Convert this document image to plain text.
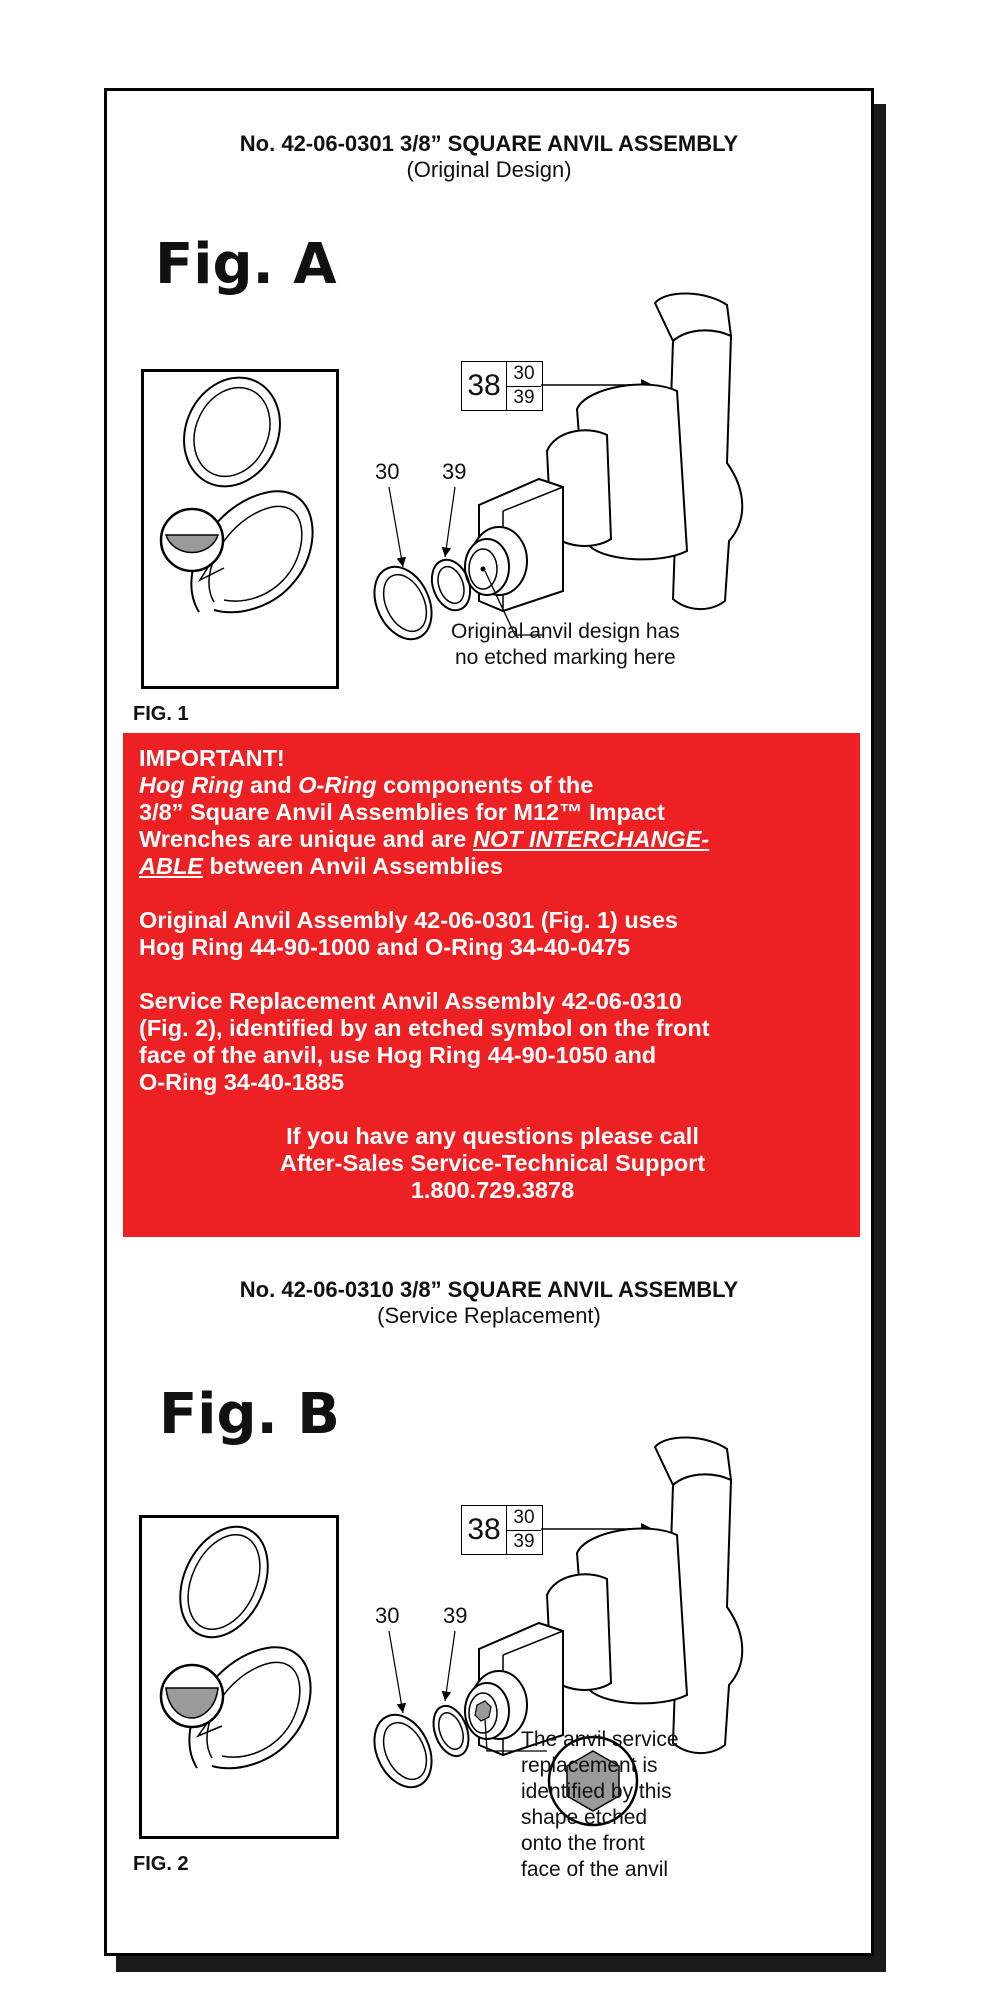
No. 42-06-0301 3/8” SQUARE ANVIL ASSEMBLY
(Original Design)
Fig. A
FIG. 1
38 30
39
30 39
Original anvil design has
no etched marking here

IMPORTANT!

Hog Ring and O-Ring components of the

3/8” Square Anvil Assemblies for M12™ Impact

Wrenches are unique and are NOT INTERCHANGE-

ABLE between Anvil Assemblies

Original Anvil Assembly 42-06-0301 (Fig. 1) uses

Hog Ring 44-90-1000 and O-Ring 34-40-0475

Service Replacement Anvil Assembly 42-06-0310

(Fig. 2), identified by an etched symbol on the front

face of the anvil, use Hog Ring 44-90-1050 and

O-Ring 34-40-1885

If you have any questions please call

After-Sales Service-Technical Support

1.800.729.3878

No. 42-06-0310 3/8” SQUARE ANVIL ASSEMBLY
(Service Replacement)
Fig. B
FIG. 2
38 30
39
30 39
The anvil service
replacement is
identified by this
shape etched
onto the front
face of the anvil
